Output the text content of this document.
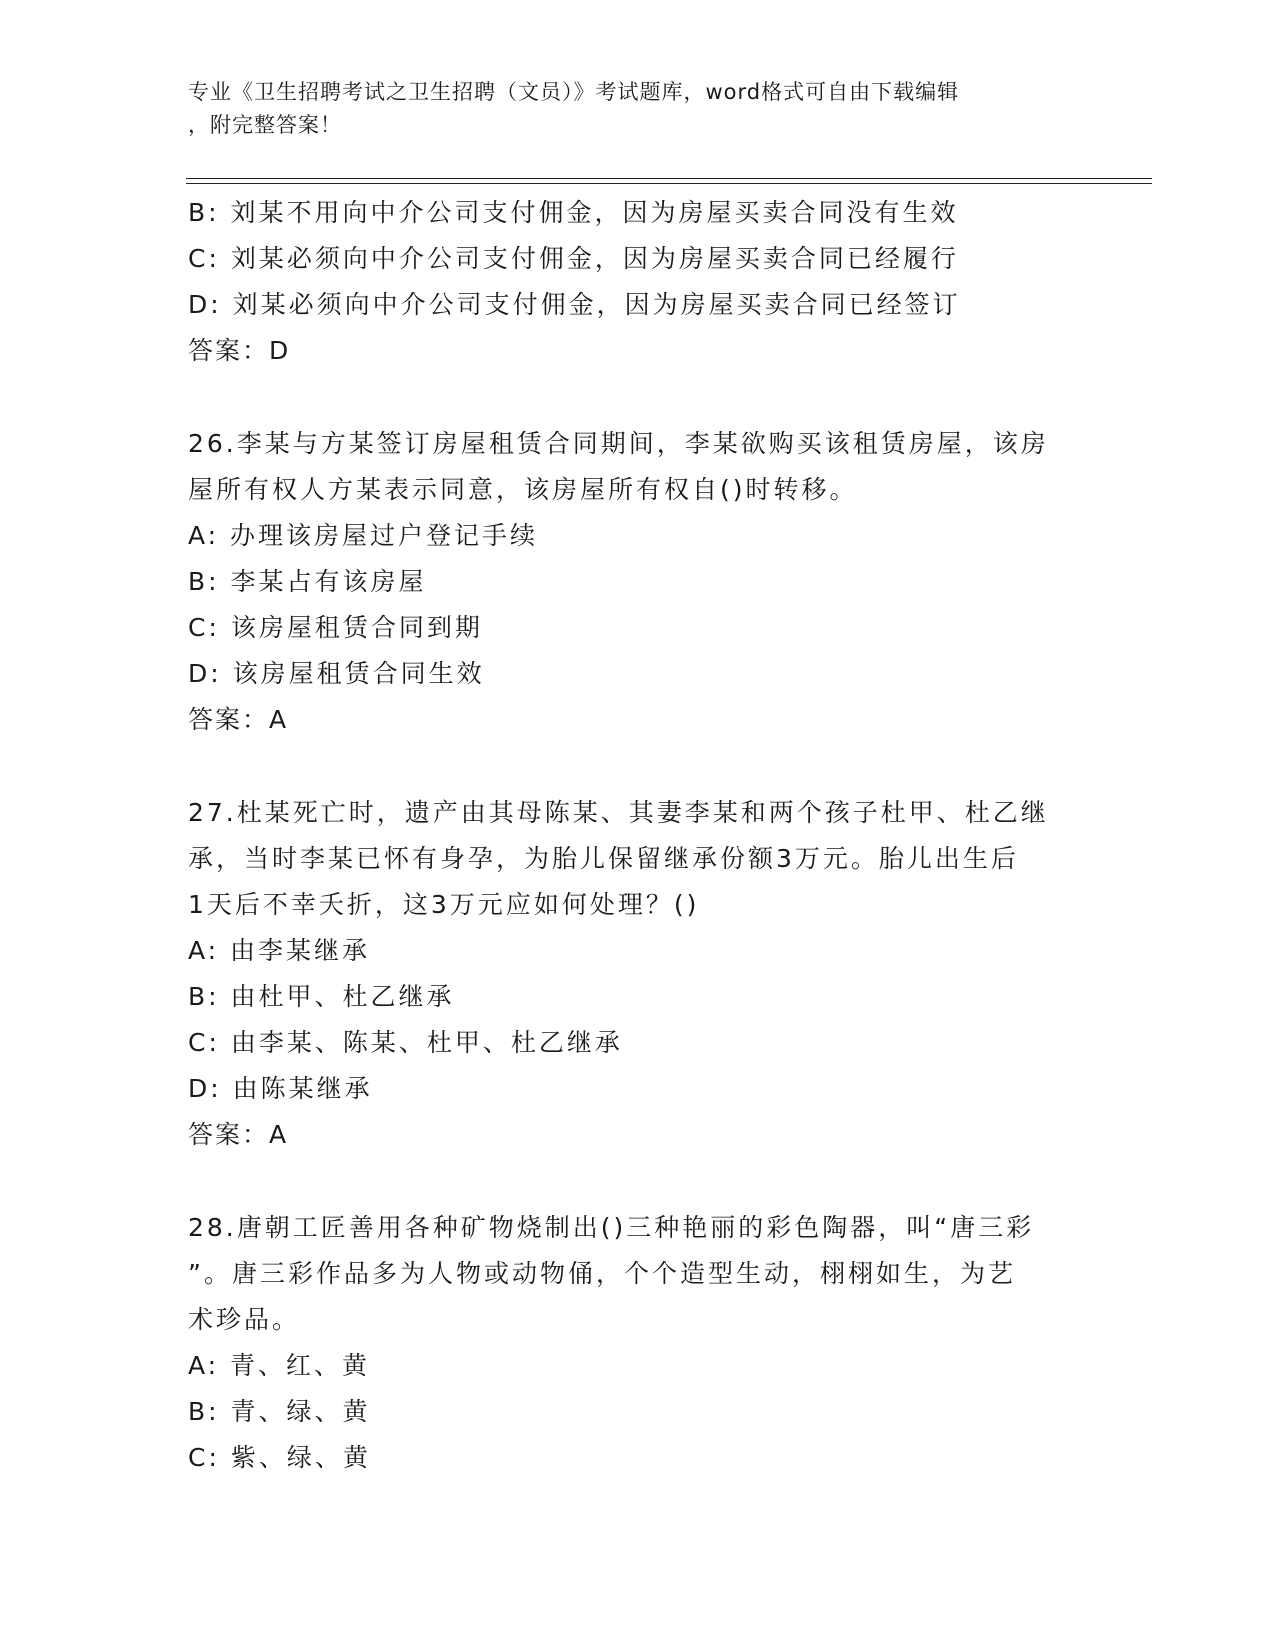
专业《卫生招聘考试之卫生招聘（文员）》考试题库，word格式可自由下载编辑
，附完整答案！
B: 刘某不用向中介公司支付佣金，因为房屋买卖合同没有生效
C: 刘某必须向中介公司支付佣金，因为房屋买卖合同已经履行
D: 刘某必须向中介公司支付佣金，因为房屋买卖合同已经签订
答案：D
26.李某与方某签订房屋租赁合同期间，李某欲购买该租赁房屋，该房
屋所有权人方某表示同意，该房屋所有权自()时转移。
A: 办理该房屋过户登记手续
B: 李某占有该房屋
C: 该房屋租赁合同到期
D: 该房屋租赁合同生效
答案：A
27.杜某死亡时，遗产由其母陈某、其妻李某和两个孩子杜甲、杜乙继
承，当时李某已怀有身孕，为胎儿保留继承份额3万元。胎儿出生后
1天后不幸夭折，这3万元应如何处理？()
A: 由李某继承
B: 由杜甲、杜乙继承
C: 由李某、陈某、杜甲、杜乙继承
D: 由陈某继承
答案：A
28.唐朝工匠善用各种矿物烧制出()三种艳丽的彩色陶器，叫“唐三彩
”。唐三彩作品多为人物或动物俑，个个造型生动，栩栩如生，为艺
术珍品。
A: 青、红、黄
B: 青、绿、黄
C: 紫、绿、黄
